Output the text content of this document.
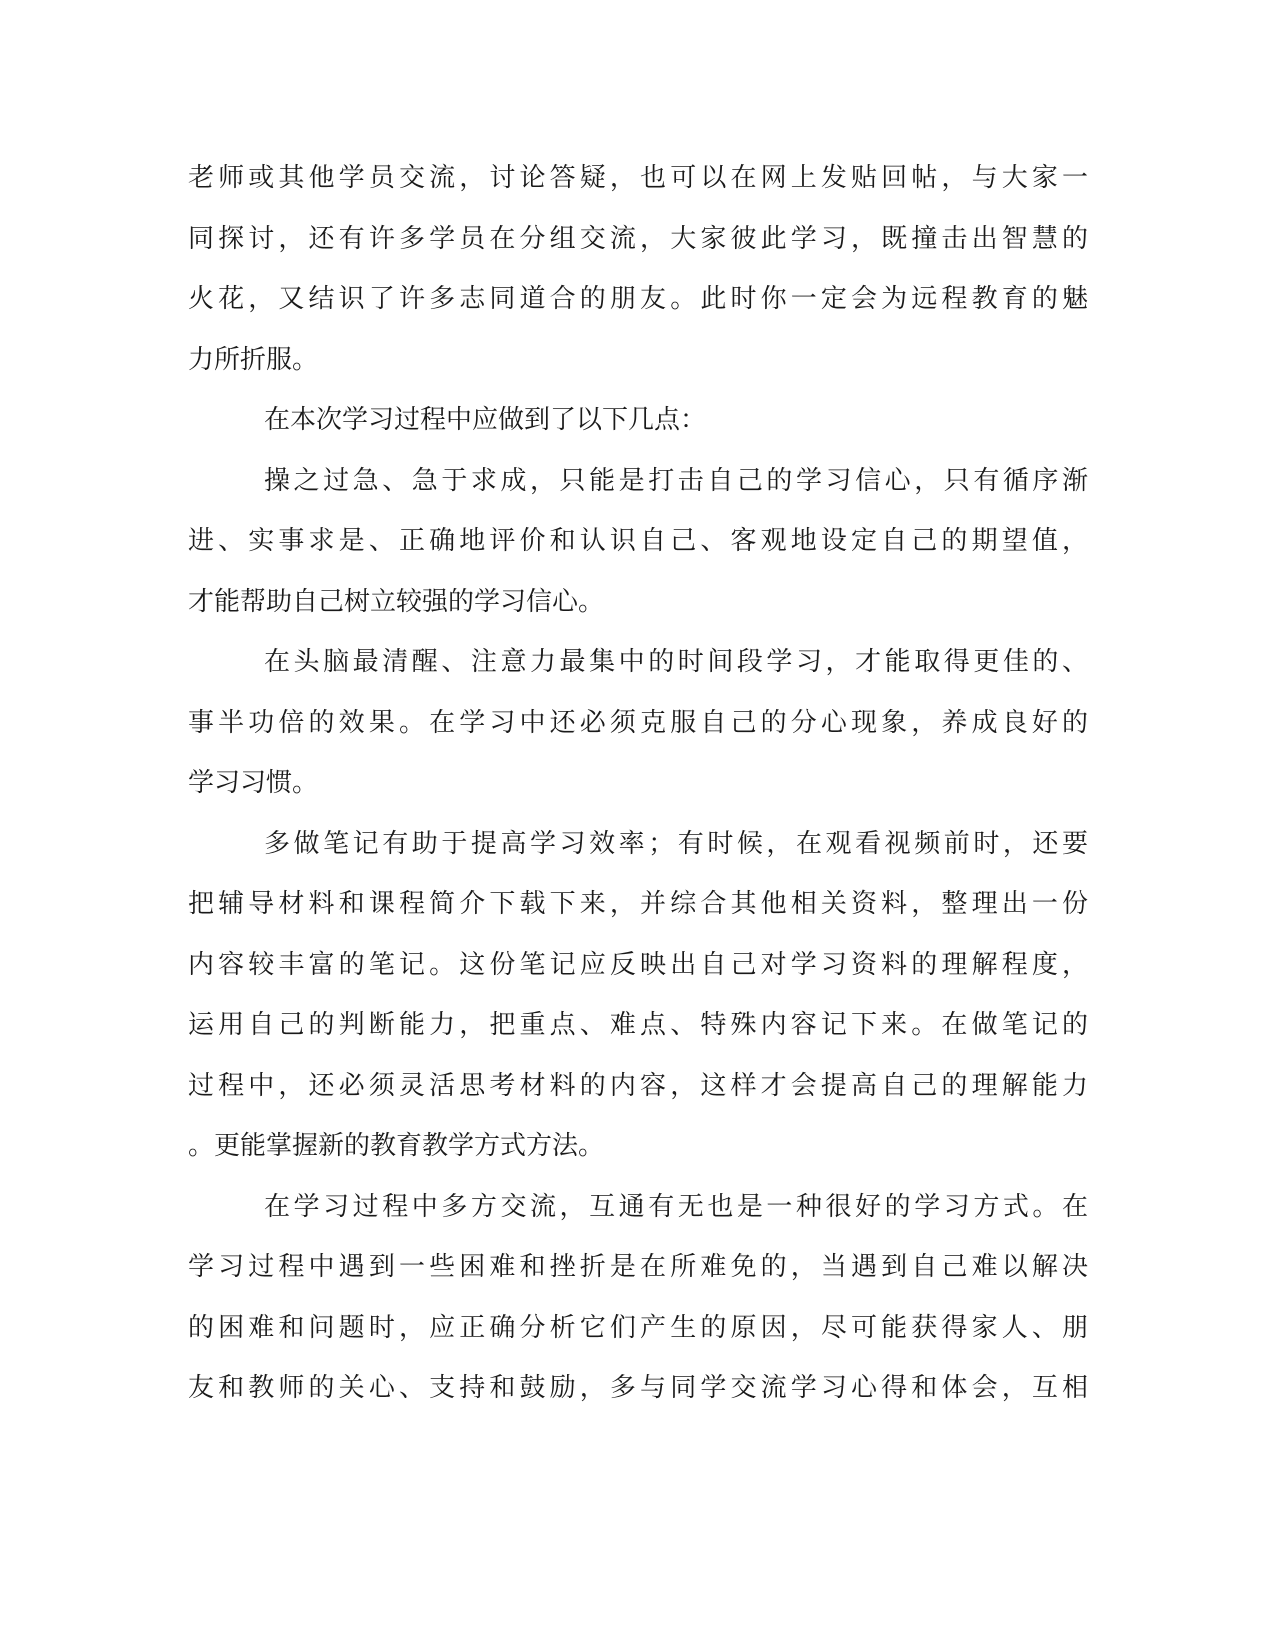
老师或其他学员交流，讨论答疑，也可以在网上发贴回帖，与大家一
同探讨，还有许多学员在分组交流，大家彼此学习，既撞击出智慧的
火花，又结识了许多志同道合的朋友。此时你一定会为远程教育的魅
力所折服。
在本次学习过程中应做到了以下几点：
操之过急、急于求成，只能是打击自己的学习信心，只有循序渐
进、实事求是、正确地评价和认识自己、客观地设定自己的期望值，
才能帮助自己树立较强的学习信心。
在头脑最清醒、注意力最集中的时间段学习，才能取得更佳的、
事半功倍的效果。在学习中还必须克服自己的分心现象，养成良好的
学习习惯。
多做笔记有助于提高学习效率；有时候，在观看视频前时，还要
把辅导材料和课程简介下载下来，并综合其他相关资料，整理出一份
内容较丰富的笔记。这份笔记应反映出自己对学习资料的理解程度，
运用自己的判断能力，把重点、难点、特殊内容记下来。在做笔记的
过程中，还必须灵活思考材料的内容，这样才会提高自己的理解能力
。更能掌握新的教育教学方式方法。
在学习过程中多方交流，互通有无也是一种很好的学习方式。在
学习过程中遇到一些困难和挫折是在所难免的，当遇到自己难以解决
的困难和问题时，应正确分析它们产生的原因，尽可能获得家人、朋
友和教师的关心、支持和鼓励，多与同学交流学习心得和体会，互相
